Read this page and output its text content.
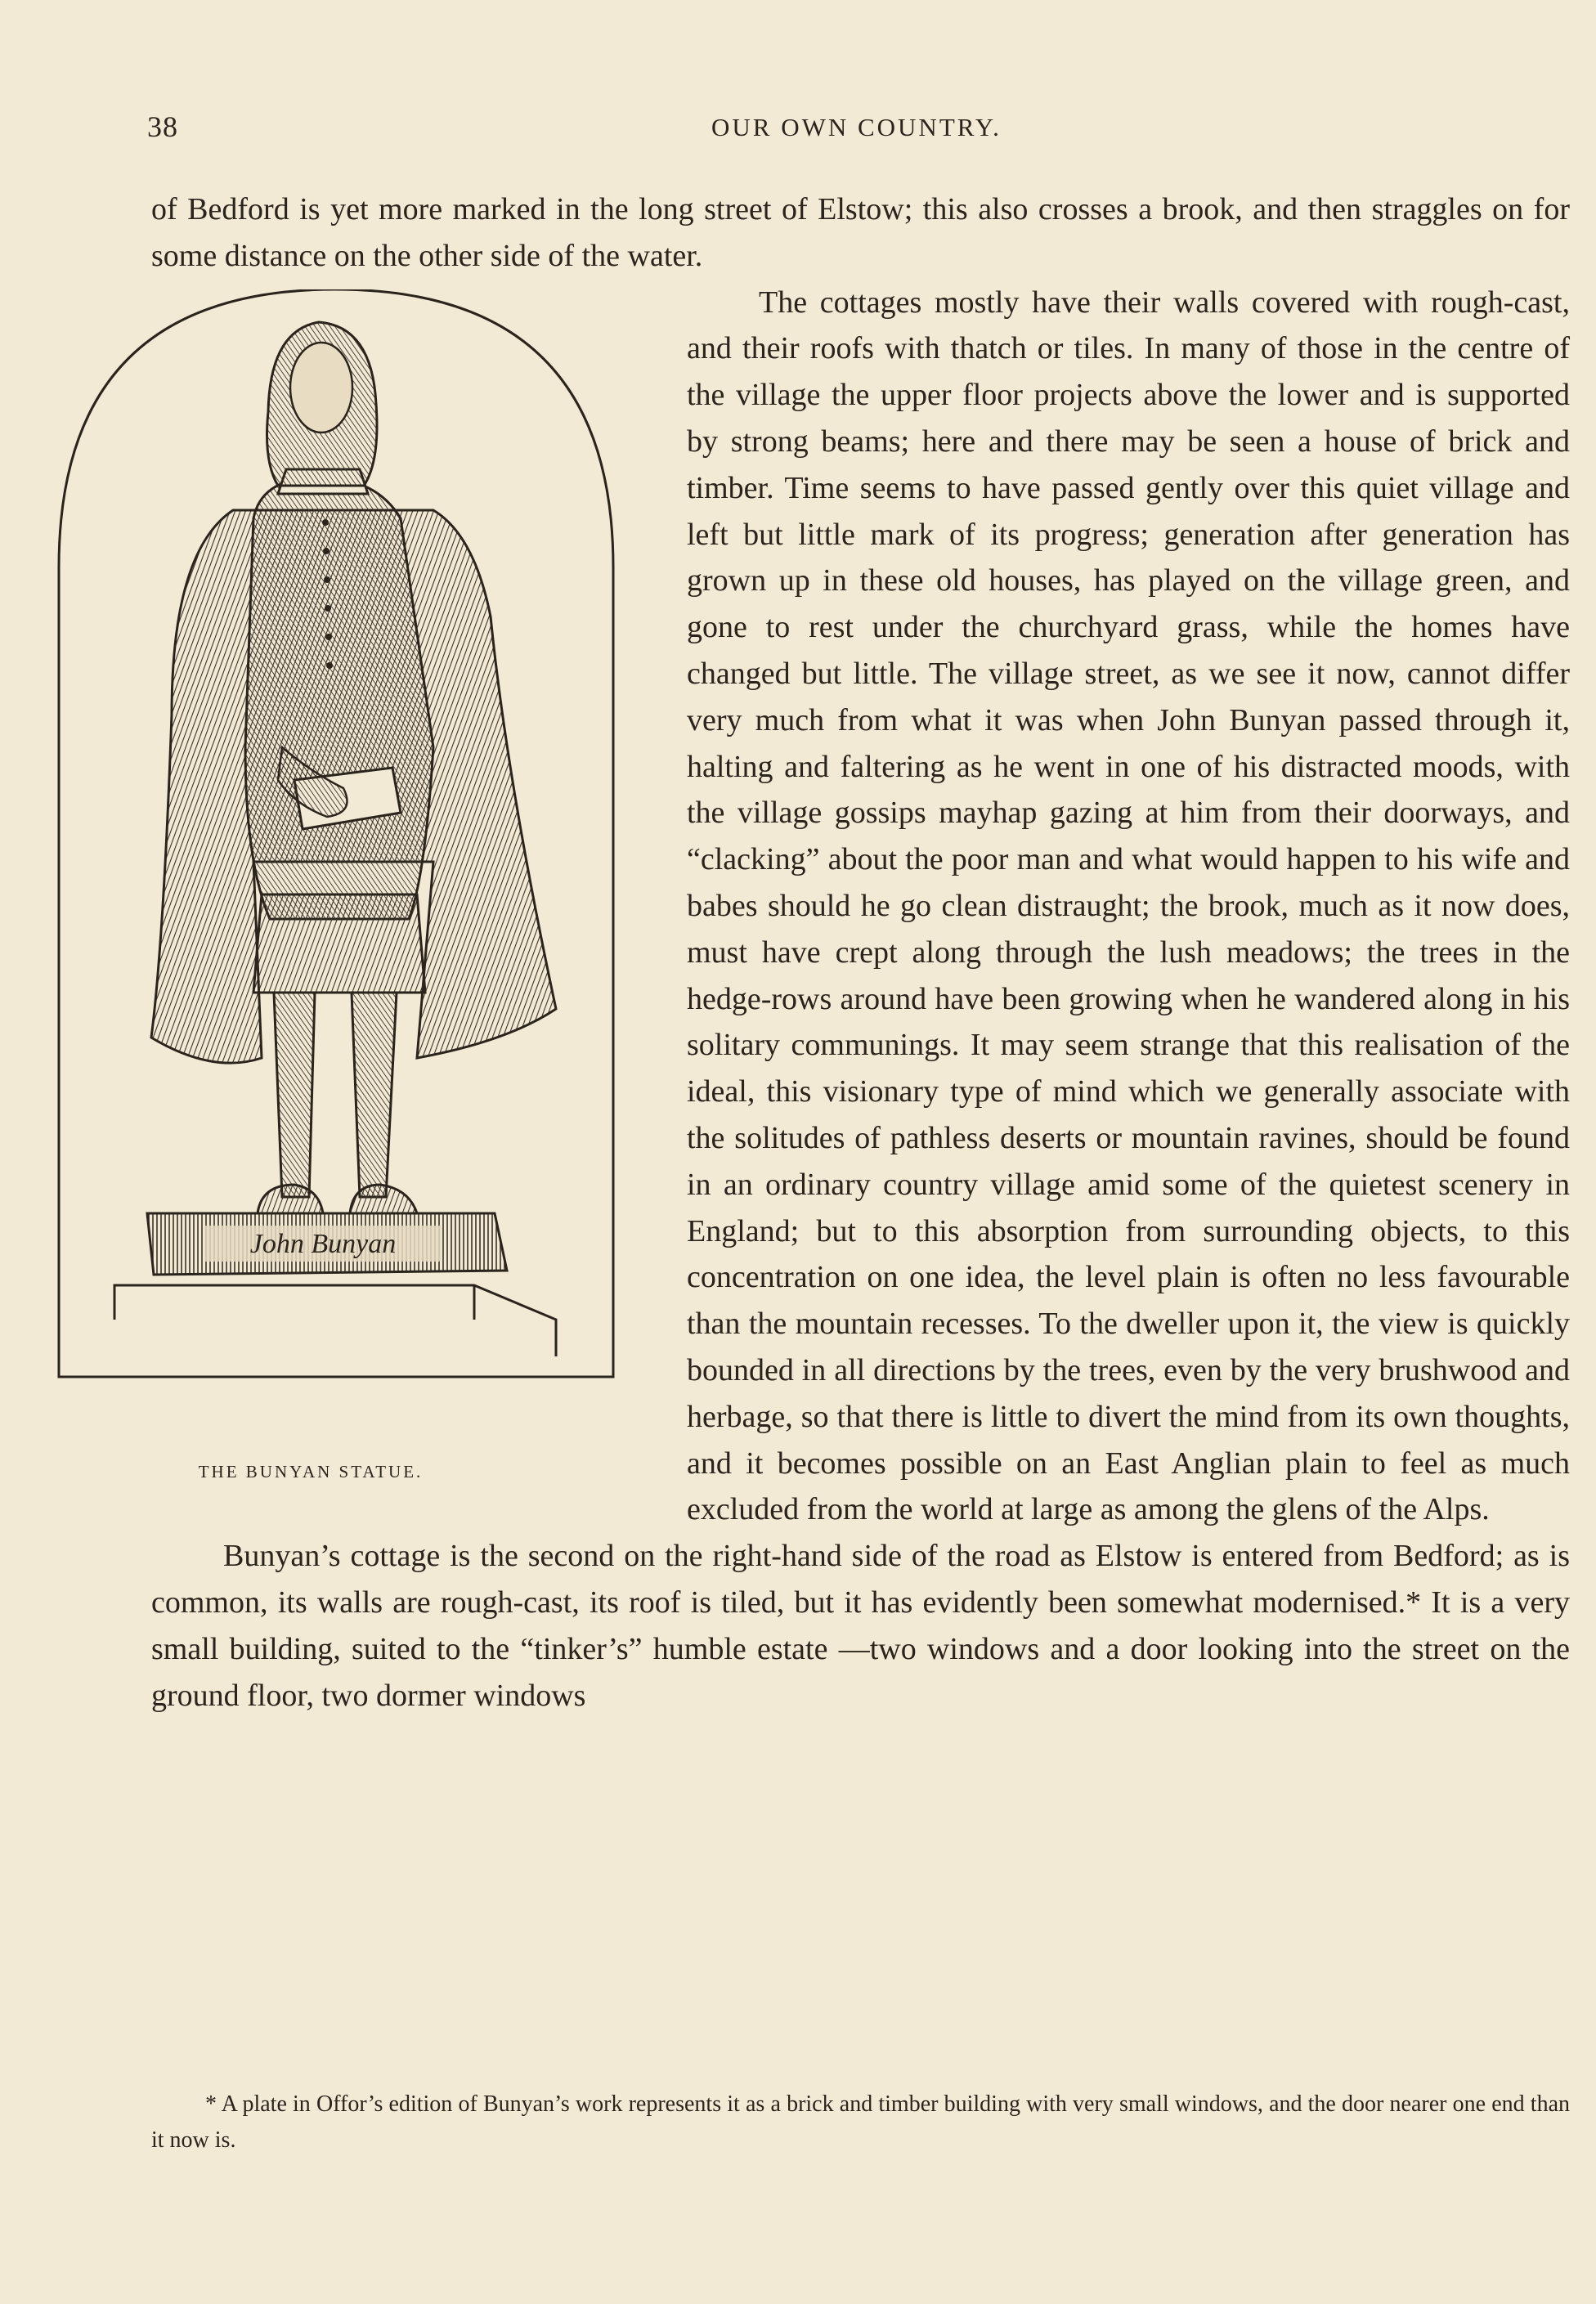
38	OUR OWN COUNTRY.

of Bedford is yet more marked in the long street of Elstow; this also crosses a brook, and then straggles on for some distance on the other side of the water.

John Bunyan
THE BUNYAN STATUE.

The cottages mostly have their walls covered with rough-cast, and their roofs with thatch or tiles. In many of those in the centre of the village the upper floor projects above the lower and is supported by strong beams; here and there may be seen a house of brick and timber. Time seems to have passed gently over this quiet village and left but little mark of its progress; generation after generation has grown up in these old houses, has played on the village green, and gone to rest under the churchyard grass, while the homes have changed but little. The village street, as we see it now, cannot differ very much from what it was when John Bunyan passed through it, halting and faltering as he went in one of his distracted moods, with the village gossips mayhap gazing at him from their doorways, and “clacking” about the poor man and what would happen to his wife and babes should he go clean distraught; the brook, much as it now does, must have crept along through the lush meadows; the trees in the hedge-rows around have been growing when he wandered along in his solitary communings. It may seem strange that this realisation of the ideal, this visionary type of mind which we generally associate with the solitudes of pathless deserts or mountain ravines, should be found in an ordinary country village amid some of the quietest scenery in England; but to this absorption from surrounding objects, to this concentration on one idea, the level plain is often no less favourable than the mountain recesses. To the dweller upon it, the view is quickly bounded in all directions by the trees, even by the very brushwood and herbage, so that there is little to divert the mind from its own thoughts, and it becomes possible on an East Anglian plain to feel as much excluded from the world at large as among the glens of the Alps.

Bunyan’s cottage is the second on the right-hand side of the road as Elstow is entered from Bedford; as is common, its walls are rough-cast, its roof is tiled, but it has evidently been somewhat modernised.* It is a very small building, suited to the “tinker’s” humble estate —two windows and a door looking into the street on the ground floor, two dormer windows

* A plate in Offor’s edition of Bunyan’s work represents it as a brick and timber building with very small windows, and the door nearer one end than it now is.
